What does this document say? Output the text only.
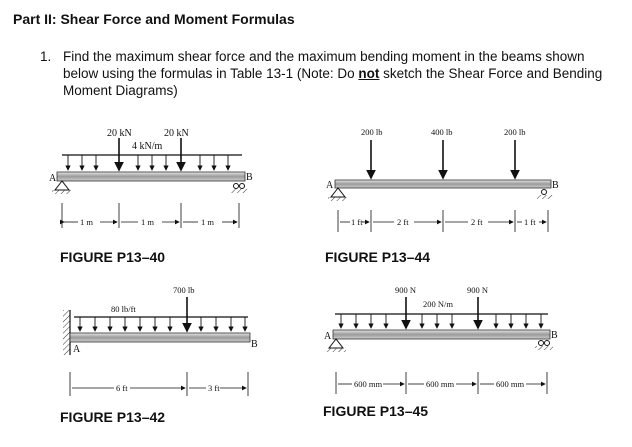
Part II: Shear Force and Moment Formulas
1. Find the maximum shear force and the maximum bending moment in the beams shown below using the formulas in Table 13-1 (Note: Do not sketch the Shear Force and Bending Moment Diagrams)
20 kN	20 kN
4 kN/m
A	B
1 m	1 m	1 m
FIGURE P13–40
200 lb	400 lb	200 lb
A	B
1 ft	2 ft	2 ft	1 ft
FIGURE P13–44
700 lb
80 lb/ft
A	B
6 ft	3 ft
FIGURE P13–42
900 N	900 N
200 N/m
A	B
600 mm	600 mm	600 mm
FIGURE P13–45
